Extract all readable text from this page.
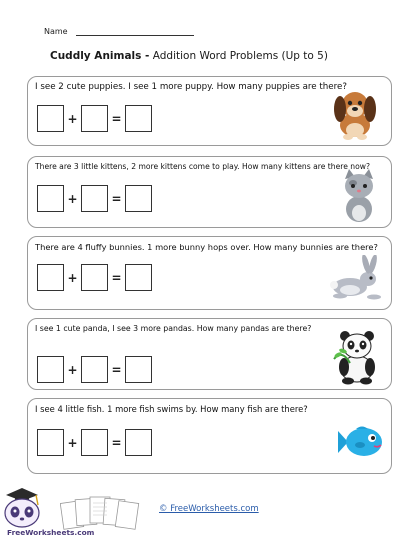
Name
Cuddly Animals - Addition Word Problems (Up to 5)
I see 2 cute puppies. I see 1 more puppy. How many puppies are there?
+	=
There are 3 little kittens, 2 more kittens come to play. How many kittens are there now?
+	=
There are 4 fluffy bunnies. 1 more bunny hops over. How many bunnies are there?
+	=
I see 1 cute panda, I see 3 more pandas. How many pandas are there?
+	=
I see 4 little fish. 1 more fish swims by. How many fish are there?
+	=
© FreeWorksheets.com
FreeWorksheets.com
